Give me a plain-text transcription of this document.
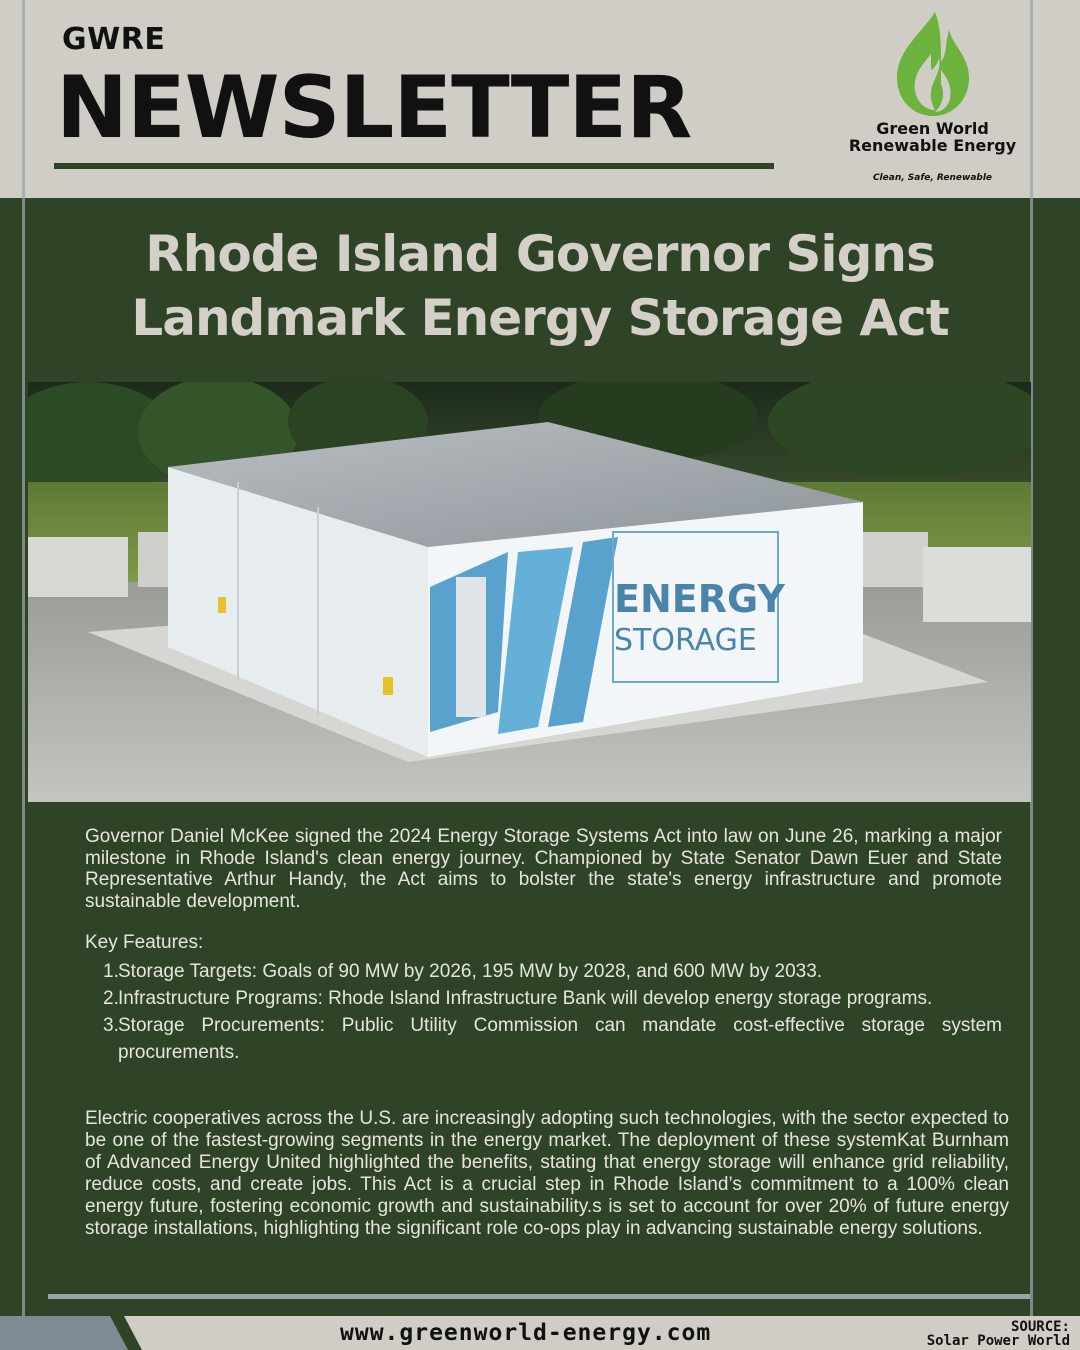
GWRE
NEWSLETTER	Green World
Renewable Energy
Clean, Safe, Renewable
Rhode Island Governor Signs
Landmark Energy Storage Act
ENERGY
STORAGE
Governor Daniel McKee signed the 2024 Energy Storage Systems Act into law on June 26, marking a major milestone in Rhode Island's clean energy journey. Championed by State Senator Dawn Euer and State Representative Arthur Handy, the Act aims to bolster the state's energy infrastructure and promote sustainable development.
Key Features:
1. Storage Targets: Goals of 90 MW by 2026, 195 MW by 2028, and 600 MW by 2033.
2. Infrastructure Programs: Rhode Island Infrastructure Bank will develop energy storage programs.
3. Storage Procurements: Public Utility Commission can mandate cost-effective storage system procurements.
Electric cooperatives across the U.S. are increasingly adopting such technologies, with the sector expected to be one of the fastest-growing segments in the energy market. The deployment of these systemKat Burnham of Advanced Energy United highlighted the benefits, stating that energy storage will enhance grid reliability, reduce costs, and create jobs. This Act is a crucial step in Rhode Island’s commitment to a 100% clean energy future, fostering economic growth and sustainability.s is set to account for over 20% of future energy storage installations, highlighting the significant role co-ops play in advancing sustainable energy solutions.
www.greenworld-energy.com	SOURCE:
Solar Power World
